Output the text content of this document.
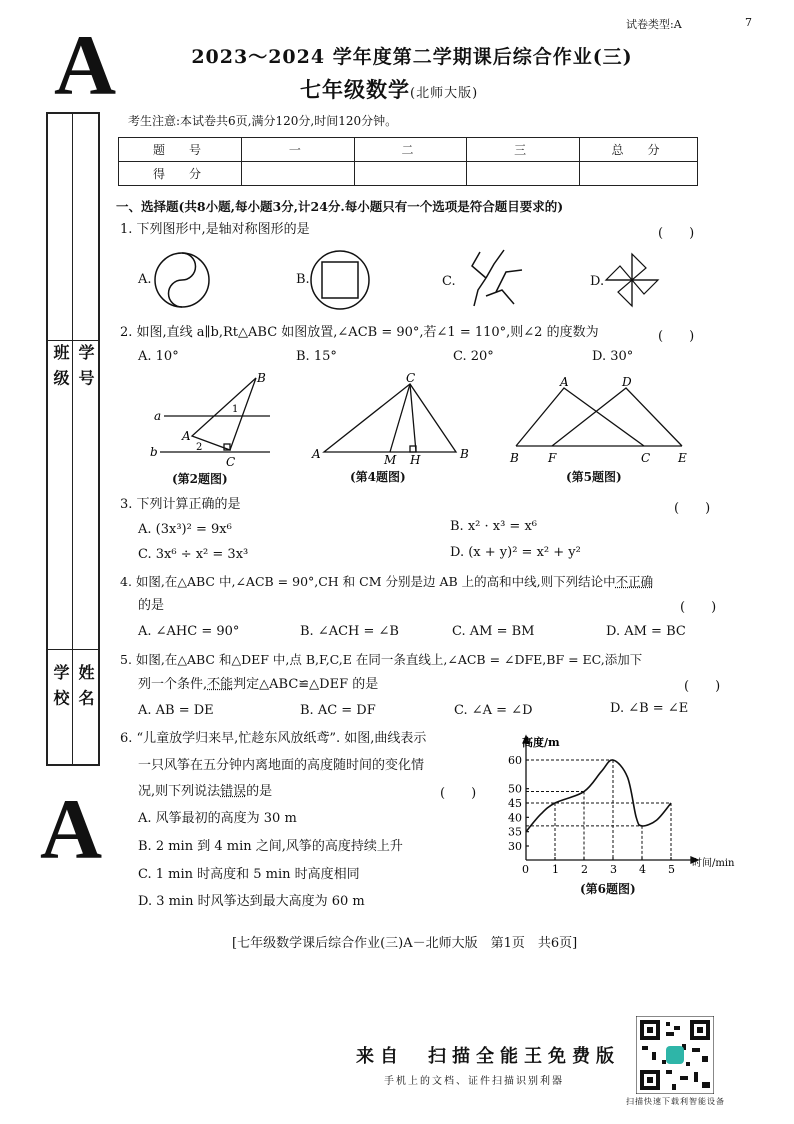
A
A
试卷类型:A	7
2023～2024 学年度第二学期课后综合作业(三)
七年级数学(北师大版)
考生注意:本试卷共6页,满分120分,时间120分钟。
班 级 学 号
学 校 姓 名
题　号	一	二	三	总　分
得　分				
一、选择题(共8小题,每小题3分,计24分.每小题只有一个选项是符合题目要求的)
1. 下列图形中,是轴对称图形的是	(　　)
A.	B.	C.	D.
2. 如图,直线 a∥b,Rt△ABC 如图放置,∠ACB = 90°,若∠1 = 110°,则∠2 的度数为	(　　)
A. 10°	B. 15°	C. 20°	D. 30°
a
b
A
B
C
1
2
(第2题图)
C
A	B
M H
(第4题图)
A	D
B F	C E
(第5题图)
3. 下列计算正确的是	(　　)
A. (3x³)² = 9x⁶	B. x² · x³ = x⁶
C. 3x⁶ ÷ x² = 3x³	D. (x + y)² = x² + y²
4. 如图,在△ABC 中,∠ACB = 90°,CH 和 CM 分别是边 AB 上的高和中线,则下列结论中不正确
的是	(　　)
A. ∠AHC = 90°	B. ∠ACH = ∠B	C. AM = BM	D. AM = BC
5. 如图,在△ABC 和△DEF 中,点 B,F,C,E 在同一条直线上,∠ACB = ∠DFE,BF = EC,添加下
列一个条件,不能判定△ABC≌△DEF 的是	(　　)
A. AB = DE	B. AC = DF	C. ∠A = ∠D	D. ∠B = ∠E
6. “儿童放学归来早,忙趁东风放纸鸢”. 如图,曲线表示
一只风筝在五分钟内离地面的高度随时间的变化情
况,则下列说法错误的是	(　　)
A. 风筝最初的高度为 30 m
B. 2 min 到 4 min 之间,风筝的高度持续上升
C. 1 min 时高度和 5 min 时高度相同
D. 3 min 时风筝达到最大高度为 60 m
高度/m
时间/min
0 1 2 3 4 5
30
35
40
45
50
60
(第6题图)
[七年级数学课后综合作业(三)A－北师大版　第1页　共6页]
来自　扫描全能王免费版
手机上的文档、证件扫描识别利器
扫描快速下载利智能设备
